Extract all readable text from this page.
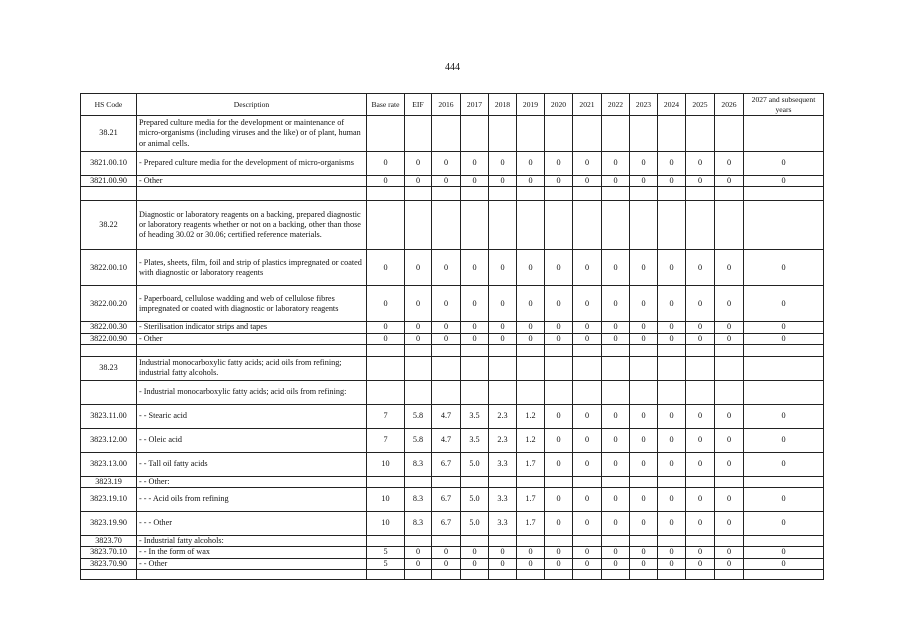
444
HS Code	Description	Base rate	EIF	2016	2017	2018	2019	2020	2021	2022	2023	2024	2025	2026	2027 and subsequent years
38.21	Prepared culture media for the development or maintenance of micro-organisms (including viruses and the like) or of plant, human or animal cells.														
3821.00.10	- Prepared culture media for the development of micro-organisms	0	0	0	0	0	0	0	0	0	0	0	0	0	0
3821.00.90	- Other	0	0	0	0	0	0	0	0	0	0	0	0	0	0

38.22	Diagnostic or laboratory reagents on a backing, prepared diagnostic or laboratory reagents whether or not on a backing, other than those of heading 30.02 or 30.06; certified reference materials.														
3822.00.10	- Plates, sheets, film, foil and strip of plastics impregnated or coated with diagnostic or laboratory reagents	0	0	0	0	0	0	0	0	0	0	0	0	0	0
3822.00.20	- Paperboard, cellulose wadding and web of cellulose fibres impregnated or coated with diagnostic or laboratory reagents	0	0	0	0	0	0	0	0	0	0	0	0	0	0
3822.00.30	- Sterilisation indicator strips and tapes	0	0	0	0	0	0	0	0	0	0	0	0	0	0
3822.00.90	- Other	0	0	0	0	0	0	0	0	0	0	0	0	0	0

38.23	Industrial monocarboxylic fatty acids; acid oils from refining; industrial fatty alcohols.														
	- Industrial monocarboxylic fatty acids; acid oils from refining:														
3823.11.00	- - Stearic acid	7	5.8	4.7	3.5	2.3	1.2	0	0	0	0	0	0	0	0
3823.12.00	- - Oleic acid	7	5.8	4.7	3.5	2.3	1.2	0	0	0	0	0	0	0	0
3823.13.00	- - Tall oil fatty acids	10	8.3	6.7	5.0	3.3	1.7	0	0	0	0	0	0	0	0
3823.19	- - Other:														
3823.19.10	- - - Acid oils from refining	10	8.3	6.7	5.0	3.3	1.7	0	0	0	0	0	0	0	0
3823.19.90	- - - Other	10	8.3	6.7	5.0	3.3	1.7	0	0	0	0	0	0	0	0
3823.70	- Industrial fatty alcohols:														
3823.70.10	- - In the form of wax	5	0	0	0	0	0	0	0	0	0	0	0	0	0
3823.70.90	- - Other	5	0	0	0	0	0	0	0	0	0	0	0	0	0
